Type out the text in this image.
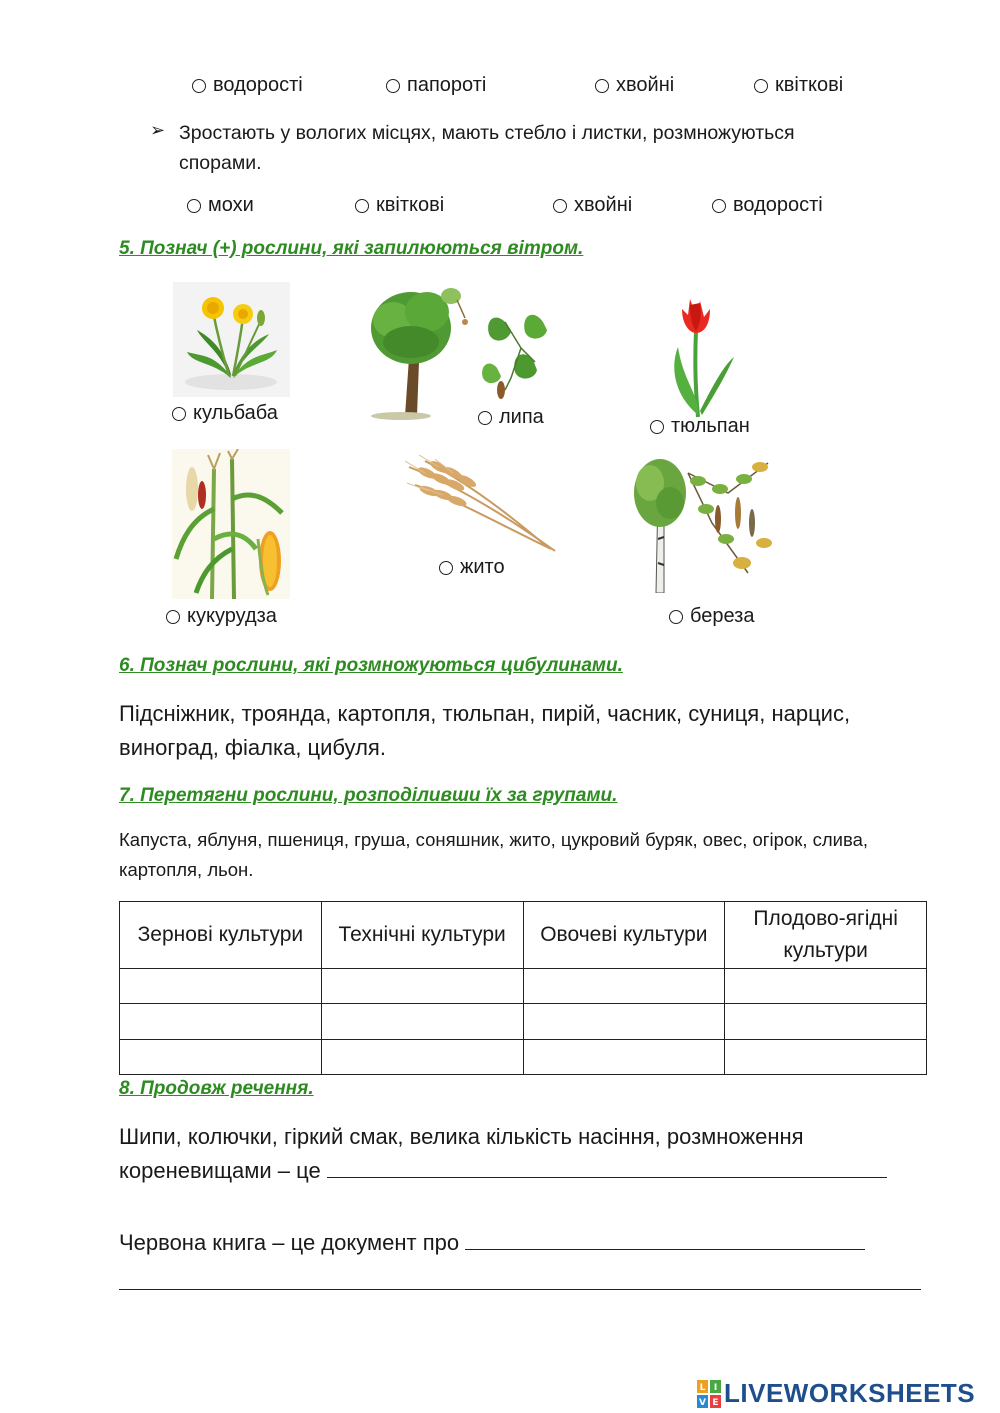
водорості	папороті	хвойні	квіткові
➢ Зростають у вологих місцях, мають стебло і листки, розмножуються спорами.
мохи	квіткові	хвойні	водорості
5. Познач (+) рослини, які запилюються вітром.
кульбаба	липа	тюльпан
кукурудза
жито
береза
6. Познач рослини, які розмножуються цибулинами.
Підсніжник, троянда, картопля, тюльпан, пирій, часник, суниця, нарцис, виноград, фіалка, цибуля.
7. Перетягни рослини, розподіливши їх за групами.
Капуста, яблуня, пшениця, груша, соняшник, жито, цукровий буряк, овес, огірок, слива, картопля, льон.
Зернові культури	Технічні культури	Овочеві культури	Плодово-ягідні культури

8. Продовж речення.
Шипи, колючки, гіркий смак, велика кількість насіння, розмноження кореневищами – це
Червона книга – це документ про
L I
V E LIVEWORKSHEETS
